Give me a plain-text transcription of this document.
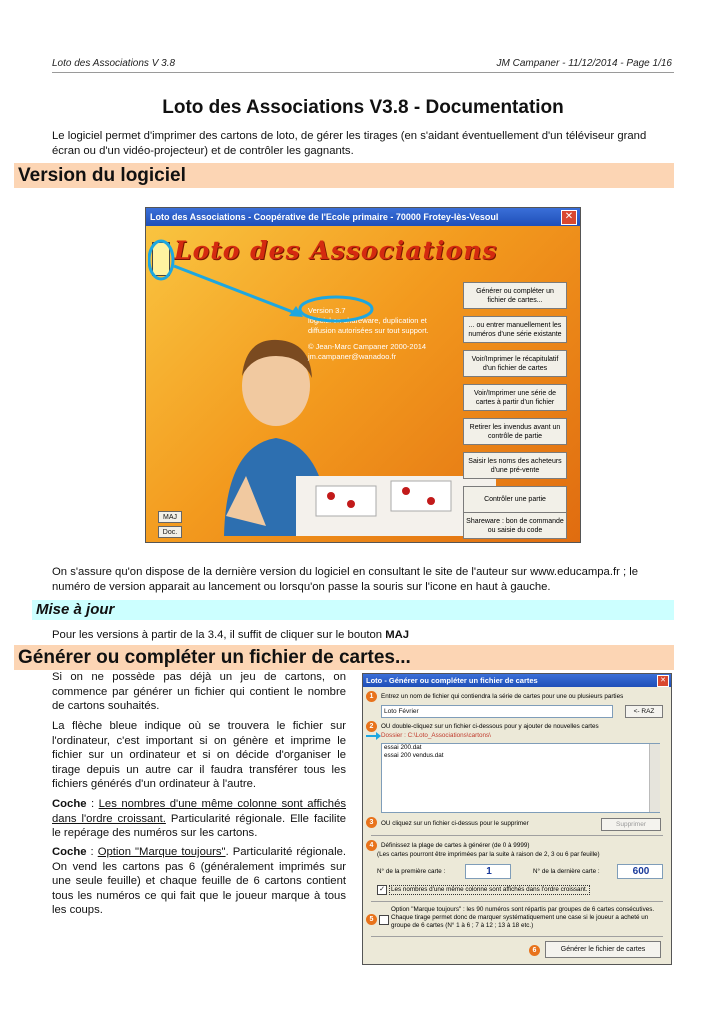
Loto des Associations V 3.8	JM Campaner - 11/12/2014 - Page 1/16
Loto des Associations V3.8 - Documentation
Le logiciel permet d'imprimer des cartons de loto, de gérer les tirages (en s'aidant éventuellement d'un téléviseur grand écran ou d'un vidéo-projecteur) et de contrôler les gagnants.
Version du logiciel
Loto des Associations - Coopérative de l'Ecole primaire - 70000 Frotey-lès-Vesoul	✕
Loto des Associations
Version 3.7
logiciel en shareware, duplication et
diffusion autorisées sur tout support.
© Jean-Marc Campaner 2000-2014
jm.campaner@wanadoo.fr
Générer ou compléter un fichier de cartes...
... ou entrer manuellement les numéros d'une série existante
Voir/Imprimer le récapitulatif d'un fichier de cartes
Voir/Imprimer une série de cartes à partir d'un fichier
Retirer les invendus avant un contrôle de partie
Saisir les noms des acheteurs d'une pré-vente
Contrôler une partie
Shareware : bon de commande ou saisie du code
MAJ
Doc.
On s'assure qu'on dispose de la dernière version du logiciel en consultant le site de l'auteur sur www.educampa.fr ; le numéro de version apparait au lancement ou lorsqu'on passe la souris sur l'icone en haut à gauche.
Mise à jour
Pour les versions à partir de la 3.4, il suffit de cliquer sur le bouton MAJ
Générer ou compléter un fichier de cartes...
Si on ne possède pas déjà un jeu de cartons, on commence par générer un fichier qui contient le nombre de cartons souhaités.
La flèche bleue indique où se trouvera le fichier sur l'ordinateur, c'est important si on génère et imprime le fichier sur un ordinateur et si on décide d'organiser le tirage depuis un autre car il faudra transférer tous les fichiers générés d'un ordinateur à l'autre.
Coche : Les nombres d'une même colonne sont affichés dans l'ordre croissant. Particularité régionale. Elle facilite le repérage des numéros sur les cartons.
Coche : Option "Marque toujours". Particularité régionale. On vend les cartons pas 6 (généralement imprimés sur une seule feuille) et chaque feuille de 6 cartons contient tous les numéros ce qui fait que le joueur marque à tous les coups.
Loto - Générer ou compléter un fichier de cartes	✕
1	Entrez un nom de fichier qui contiendra la série de cartes pour une ou plusieurs parties
Loto Février	<- RAZ
2	OU double-cliquez sur un fichier ci-dessous pour y ajouter de nouvelles cartes
Dossier : C:\Loto_Associations\cartons\
essai 200.dat
essai 200 vendus.dat
3	OU cliquez sur un fichier ci-dessus pour le supprimer	Supprimer
4	Définissez la plage de cartes à générer (de 0 à 9999)
(Les cartes pourront être imprimées par la suite à raison de 2, 3 ou 6 par feuille)
N° de la première carte :	1	N° de la dernière carte :	600
✓ Les nombres d'une même colonne sont affichés dans l'ordre croissant.
5
Option "Marque toujours" : les 90 numéros sont répartis par groupes de 6 cartes consécutives. Chaque tirage permet donc de marquer systématiquement une case si le joueur a acheté un groupe de 6 cartes (N° 1 à 6 ; 7 à 12 ; 13 à 18 etc.)
6	Générer le fichier de cartes
